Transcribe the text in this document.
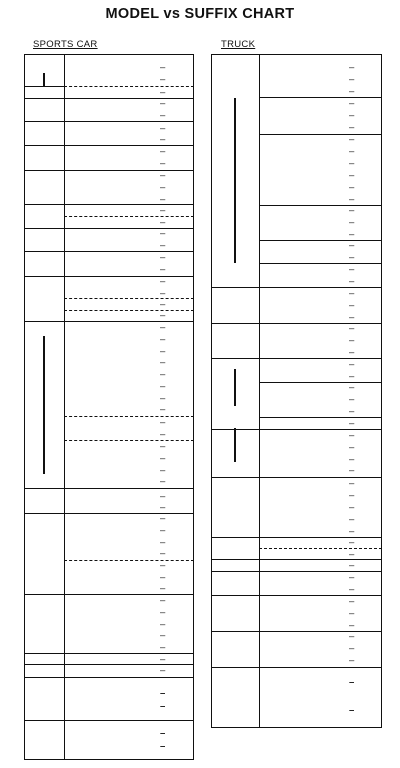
MODEL vs SUFFIX CHART
SPORTS CAR	TRUCK
–
–
–
–
–
–
–
–
–
–
–
–
–
–
–
–
–
–
–
–
–
–
–
–
–
–
–
–
–
–
–
–
–
–
–
–
–
–
–
–
–
–
–
–
–
–
–
–
–
–
–
–
–
–
–
–
–
–
–
–
–
–
–
–
–
–
–
–
–
–
–
–
–
–
–
–
–
–
–
–
–
–
–
–
–
–
–
–
–
–
–
–
–
–
–
–
–
–
–
–
–
–
–
–
–
–
–
–
–
